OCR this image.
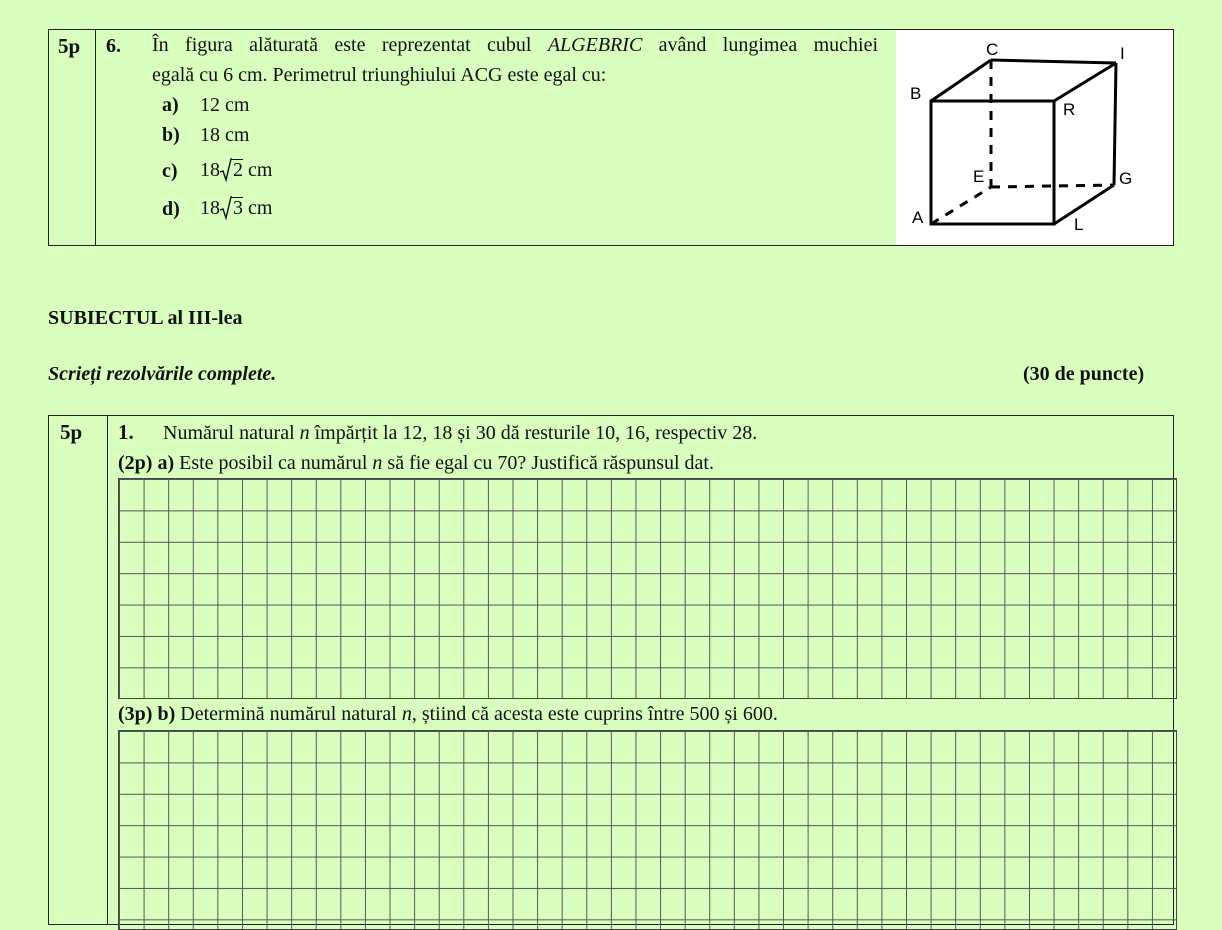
5p 6. În figura alăturată este reprezentat cubul ALGEBRIC având lungimea muchiei
egală cu 6 cm. Perimetrul triunghiului ACG este egal cu:
a) 12 cm
b) 18 cm
c) 18 2 cm
d) 18 3 cm
C	I
B
R
E	G
A	L
SUBIECTUL al III-lea
Scrieți rezolvările complete.	(30 de puncte)
5p 1. Numărul natural n împărțit la 12, 18 și 30 dă resturile 10, 16, respectiv 28.
(2p) a) Este posibil ca numărul n să fie egal cu 70? Justifică răspunsul dat.
(3p) b) Determină numărul natural n, știind că acesta este cuprins între 500 și 600.
